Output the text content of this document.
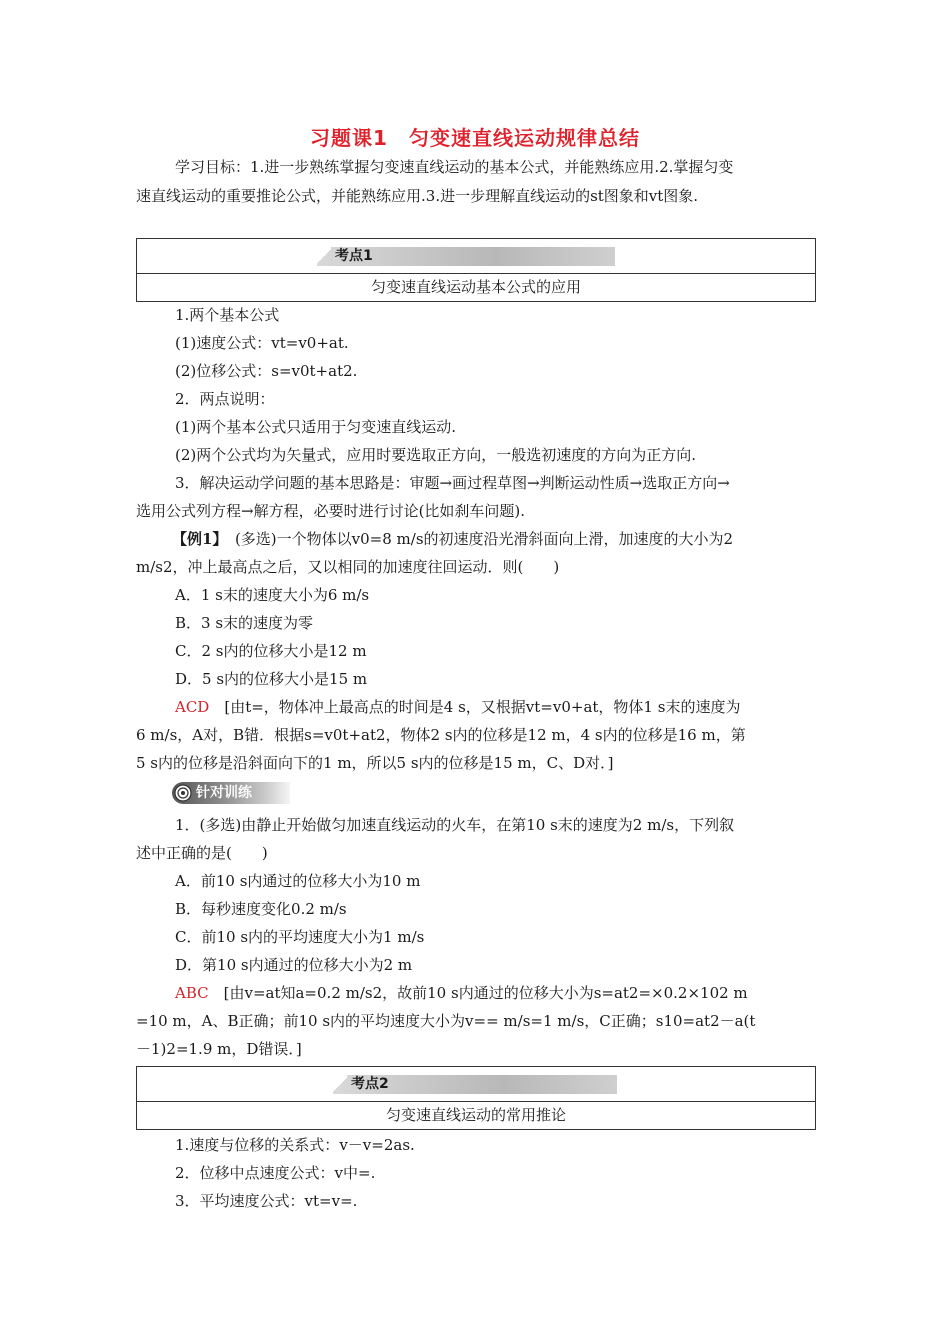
习题课1　匀变速直线运动规律总结
学习目标：1.进一步熟练掌握匀变速直线运动的基本公式，并能熟练应用.2.掌握匀变
速直线运动的重要推论公式，并能熟练应用.3.进一步理解直线运动的st图象和vt图象.
考点1
匀变速直线运动基本公式的应用
1.两个基本公式
(1)速度公式：vt=v0+at.
(2)位移公式：s=v0t+at2.
2．两点说明：
(1)两个基本公式只适用于匀变速直线运动.
(2)两个公式均为矢量式，应用时要选取正方向，一般选初速度的方向为正方向.
3．解决运动学问题的基本思路是：审题→画过程草图→判断运动性质→选取正方向→
选用公式列方程→解方程，必要时进行讨论(比如刹车问题).
【例1】　(多选)一个物体以v0=8 m/s的初速度沿光滑斜面向上滑，加速度的大小为2
m/s2，冲上最高点之后，又以相同的加速度往回运动．则(　　)
A．1 s末的速度大小为6 m/s
B．3 s末的速度为零
C．2 s内的位移大小是12 m
D．5 s内的位移大小是15 m
ACD　[由t=，物体冲上最高点的时间是4 s，又根据vt=v0+at，物体1 s末的速度为
6 m/s，A对，B错．根据s=v0t+at2，物体2 s内的位移是12 m，4 s内的位移是16 m，第
5 s内的位移是沿斜面向下的1 m，所以5 s内的位移是15 m，C、D对．]
针对训练
1．(多选)由静止开始做匀加速直线运动的火车，在第10 s末的速度为2 m/s，下列叙
述中正确的是(　　)
A．前10 s内通过的位移大小为10 m
B．每秒速度变化0.2 m/s
C．前10 s内的平均速度大小为1 m/s
D．第10 s内通过的位移大小为2 m
ABC　[由v=at知a=0.2 m/s2，故前10 s内通过的位移大小为s=at2=×0.2×102 m
=10 m，A、B正确；前10 s内的平均速度大小为v== m/s=1 m/s，C正确；s10=at2－a(t
－1)2=1.9 m，D错误．]
考点2
匀变速直线运动的常用推论
1.速度与位移的关系式：v－v=2as.
2．位移中点速度公式：v中=.
3．平均速度公式：vt=v=.
